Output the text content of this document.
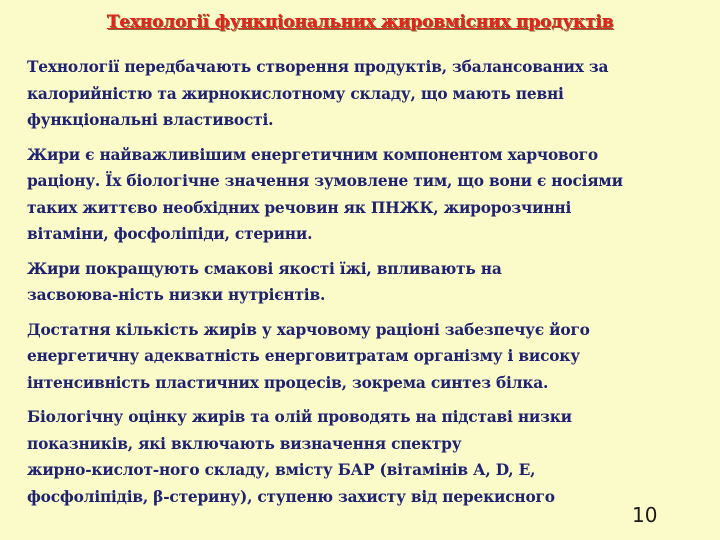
Технології функціональних жировмісних продуктів

Технології передбачають створення продуктів, збалансованих за
калорийністю та жирнокислотному складу, що мають певні
функціональні властивості.

Жири є найважливішим енергетичним компонентом харчового
раціону. Їх біологічне значення зумовлене тим, що вони є носіями
таких життєво необхідних речовин як ПНЖК, жиророзчинні
вітаміни, фосфоліпіди, стерини.

Жири покращують смакові якості їжі, впливають на
засвоюва-ність низки нутрієнтів.

Достатня кількість жирів у харчовому раціоні забезпечує його
енергетичну адекватність енерговитратам організму і високу
інтенсивність пластичних процесів, зокрема синтез білка.

Біологічну оцінку жирів та олій проводять на підставі низки
показників, які включають визначення спектру
жирно-кислот-ного складу, вмісту БАР (вітамінів А, D, Е,
фосфоліпідів, β-стерину), ступеню захисту від перекисного

10
